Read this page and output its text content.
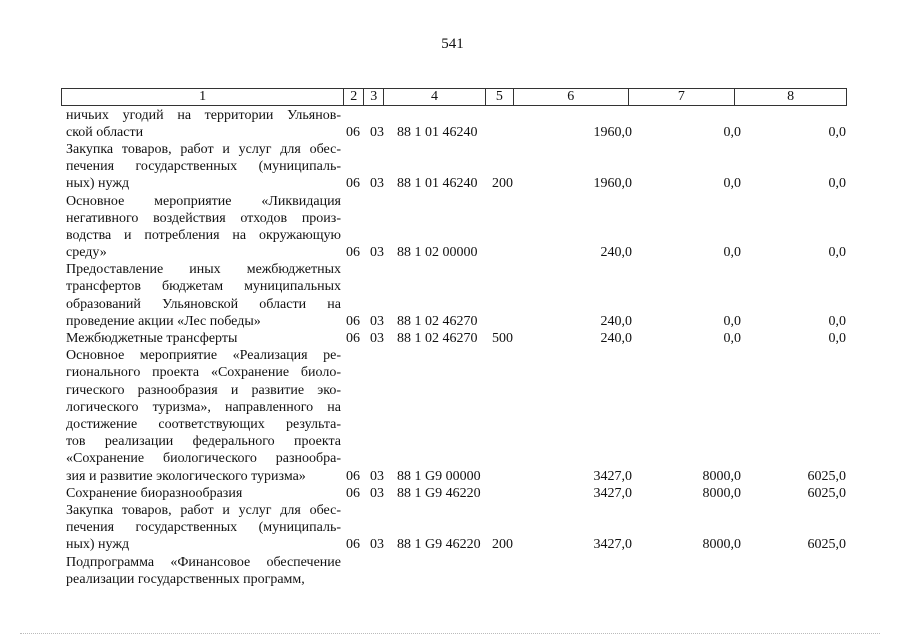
541
1	2 3	4	5	6	7	8
ничьих угодий на территории Ульянов-
ской области	06 03 88 1 01 46240	1960,0	0,0	0,0
Закупка товаров, работ и услуг для обес-
печения государственных (муниципаль-
ных) нужд	06 03 88 1 01 46240 200	1960,0	0,0	0,0
Основное мероприятие «Ликвидация
негативного воздействия отходов произ-
водства и потребления на окружающую
среду»	06 03 88 1 02 00000	240,0	0,0	0,0
Предоставление иных межбюджетных
трансфертов бюджетам муниципальных
образований Ульяновской области на
проведение акции «Лес победы»	06 03 88 1 02 46270	240,0	0,0	0,0
Межбюджетные трансферты	06 03 88 1 02 46270 500	240,0	0,0	0,0
Основное мероприятие «Реализация ре-
гионального проекта «Сохранение биоло-
гического разнообразия и развитие эко-
логического туризма», направленного на
достижение соответствующих результа-
тов реализации федерального проекта
«Сохранение биологического разнообра-
зия и развитие экологического туризма»	06 03 88 1 G9 00000	3427,0	8000,0	6025,0
Сохранение биоразнообразия	06 03 88 1 G9 46220	3427,0	8000,0	6025,0
Закупка товаров, работ и услуг для обес-
печения государственных (муниципаль-
ных) нужд	06 03 88 1 G9 46220 200	3427,0	8000,0	6025,0
Подпрограмма «Финансовое обеспечение
реализации государственных программ,
